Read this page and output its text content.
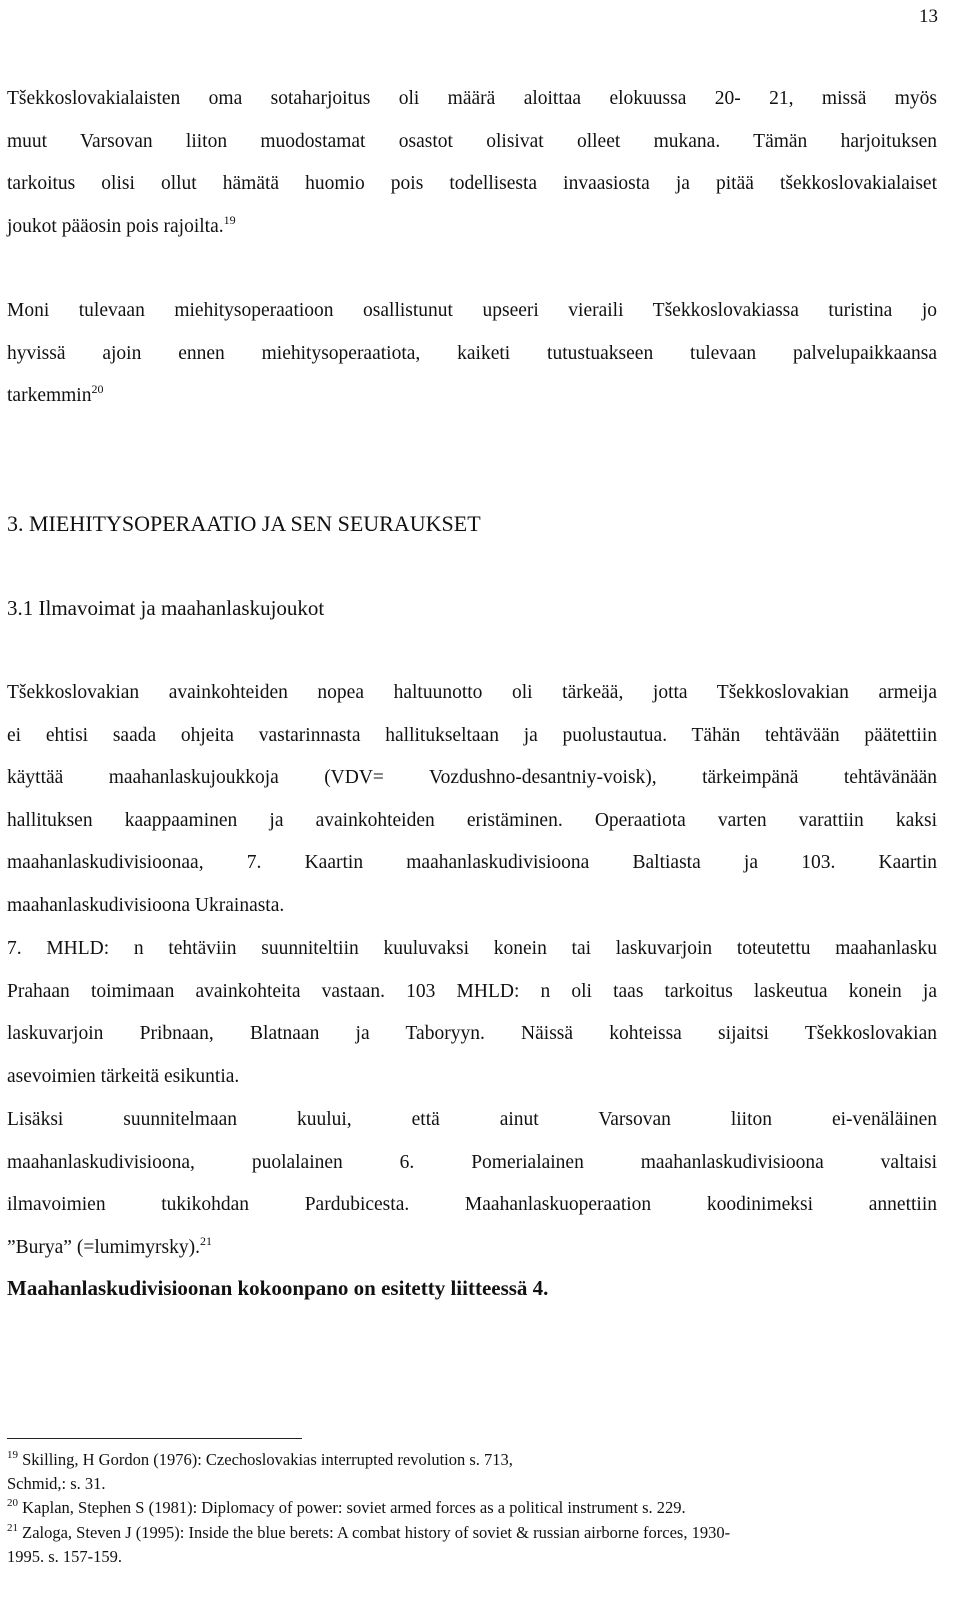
13
Tšekkoslovakialaisten oma sotaharjoitus oli määrä aloittaa elokuussa 20- 21, missä myös
muut Varsovan liiton muodostamat osastot olisivat olleet mukana. Tämän harjoituksen
tarkoitus olisi ollut hämätä huomio pois todellisesta invaasiosta ja pitää tšekkoslovakialaiset
joukot pääosin pois rajoilta.$^{19}$
Moni tulevaan miehitysoperaatioon osallistunut upseeri vieraili Tšekkoslovakiassa turistina jo
hyvissä ajoin ennen miehitysoperaatiota, kaiketi tutustuakseen tulevaan palvelupaikkaansa
tarkemmin$^{20}$
3. MIEHITYSOPERAATIO JA SEN SEURAUKSET
3.1 Ilmavoimat ja maahanlaskujoukot
Tšekkoslovakian avainkohteiden nopea haltuunotto oli tärkeää, jotta Tšekkoslovakian armeija
ei ehtisi saada ohjeita vastarinnasta hallitukseltaan ja puolustautua. Tähän tehtävään päätettiin
käyttää maahanlaskujoukkoja (VDV= Vozdushno-desantniy-voisk), tärkeimpänä tehtävänään
hallituksen kaappaaminen ja avainkohteiden eristäminen. Operaatiota varten varattiin kaksi
maahanlaskudivisioonaa, 7. Kaartin maahanlaskudivisioona Baltiasta ja 103. Kaartin
maahanlaskudivisioona Ukrainasta.
7. MHLD: n tehtäviin suunniteltiin kuuluvaksi konein tai laskuvarjoin toteutettu maahanlasku
Prahaan toimimaan avainkohteita vastaan. 103 MHLD: n oli taas tarkoitus laskeutua konein ja
laskuvarjoin Pribnaan, Blatnaan ja Taboryyn. Näissä kohteissa sijaitsi Tšekkoslovakian
asevoimien tärkeitä esikuntia.
Lisäksi suunnitelmaan kuului, että ainut Varsovan liiton ei-venäläinen
maahanlaskudivisioona, puolalainen 6. Pomerialainen maahanlaskudivisioona valtaisi
ilmavoimien tukikohdan Pardubicesta. Maahanlaskuoperaation koodinimeksi annettiin
”Burya” (=lumimyrsky).$^{21}$
Maahanlaskudivisioonan kokoonpano on esitetty liitteessä 4.
$^{19}$ Skilling, H Gordon (1976): Czechoslovakias interrupted revolution s. 713,
Schmid,: s. 31.
$^{20}$ Kaplan, Stephen S (1981): Diplomacy of power: soviet armed forces as a political instrument s. 229.
$^{21}$ Zaloga, Steven J (1995): Inside the blue berets: A combat history of soviet & russian airborne forces, 1930-
1995. s. 157-159.
